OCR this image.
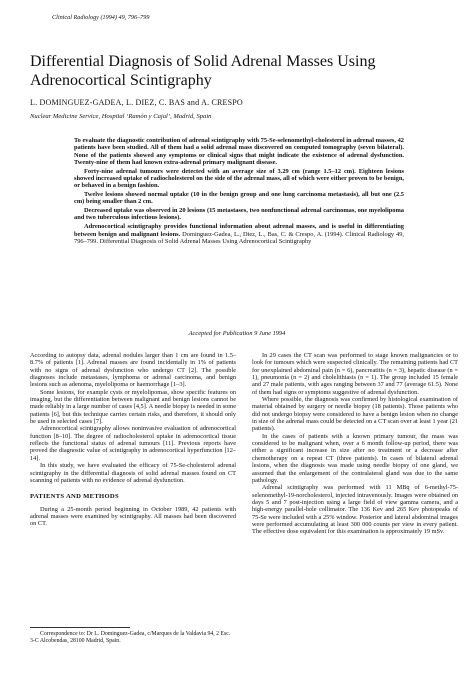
Clinical Radiology (1994) 49, 796–799
Differential Diagnosis of Solid Adrenal Masses Using Adrenocortical Scintigraphy
L. DOMINGUEZ-GADEA, L. DIEZ, C. BAS and A. CRESPO
Nuclear Medicine Service, Hospital ‘Ramón y Cajal’, Madrid, Spain

To evaluate the diagnostic contribution of adrenal scintigraphy with 75-Se-selenomethyl-cholesterol in adrenal masses, 42 patients have been studied. All of them had a solid adrenal mass discovered on computed tomography (seven bilateral). None of the patients showed any symptoms or clinical signs that might indicate the existence of adrenal dysfunction. Twenty-nine of them had known extra-adrenal primary malignant disease.

Forty-nine adrenal tumours were detected with an average size of 3.29 cm (range 1.5–12 cm). Eighteen lesions showed increased uptake of radiocholesterol on the side of the adrenal mass, all of which were either proven to be benign, or behaved in a benign fashion.

Twelve lesions showed normal uptake (10 in the benign group and one lung carcinoma metastasis), all but one (2.5 cm) being smaller than 2 cm.

Decreased uptake was observed in 20 lesions (15 metastases, two nonfunctional adrenal carcinomas, one myelolipoma and two tuberculous infectious lesions).

Adrenocortical scintigraphy provides functional information about adrenal masses, and is useful in differentiating between benign and malignant lesions. Dominguez-Gadea, L., Diez, L., Bas, C. & Crespo, A. (1994). Clinical Radiology 49, 796–799. Differential Diagnosis of Solid Adrenal Masses Using Adrenocortical Scintigraphy

Accepted for Publication 9 June 1994

According to autopsy data, adrenal nodules larger than 1 cm are found in 1.5–8.7% of patients [1]. Adrenal masses are found incidentally in 1% of patients with no signs of adrenal dysfunction who undergo CT [2]. The possible diagnoses include metastases, lymphoma or adrenal carcinoma, and benign lesions such as adenoma, myelolipoma or haemorrhage [1–3].

Some lesions, for example cysts or myelolipomas, show specific features on imaging, but the differentiation between malignant and benign lesions cannot be made reliably in a large number of cases [4,5]. A needle biopsy is needed in some patients [6], but this technique carries certain risks, and therefore, it should only be used in selected cases [7].

Adrenocortical scintigraphy allows noninvasive evaluation of adrenocortical function [8–10]. The degree of radiocholesterol uptake in adrenocortical tissue reflects the functional status of adrenal tumours [11]. Previous reports have proved the diagnostic value of scintigraphy in adrenocortical hyperfunction [12–14].

In this study, we have evaluated the efficacy of 75-Se-cholesterol adrenal scintigraphy in the differential diagnosis of solid adrenal masses found on CT scanning of patients with no evidence of adrenal dysfunction.

PATIENTS AND METHODS

During a 25-month period beginning in October 1989, 42 patients with adrenal masses were examined by scintigraphy. All masses had been discovered on CT.

Correspondence to: Dr L. Dominguez-Gadea, c/Marques de la Valdavia 94, 2 Esc. 3-C Alcobendas, 28100 Madrid, Spain.

In 29 cases the CT scan was performed to stage known malignancies or to look for tumours which were suspected clinically. The remaining patients had CT for unexplained abdominal pain (n = 6), pancreatitis (n = 3), hepatic disease (n = 1), pneumonia (n = 2) and cholelithiasis (n = 1). The group included 15 female and 27 male patients, with ages ranging between 37 and 77 (average 61.5). None of them had signs or symptoms suggestive of adrenal dysfunction.

Where possible, the diagnosis was confirmed by histological examination of material obtained by surgery or needle biopsy (18 patients). Those patients who did not undergo biopsy were considered to have a benign lesion when no change in size of the adrenal mass could be detected on a CT scan over at least 1 year (21 patients).

In the cases of patients with a known primary tumour, the mass was considered to be malignant when, over a 6 month follow-up period, there was either a significant increase in size after no treatment or a decrease after chemotherapy on a repeat CT (three patients). In cases of bilateral adrenal lesions, when the diagnosis was made using needle biopsy of one gland, we assumed that the enlargement of the contralateral gland was due to the same pathology.

Adrenal scintigraphy was performed with 11 MBq of 6-methyl-75-selenomethyl-19-norcholesterol, injected intravenously. Images were obtained on days 5 and 7 post-injection using a large field of view gamma camera, and a high-energy parallel-hole collimator. The 136 Kev and 265 Kev photopeaks of 75-Se were included with a 25% window. Posterior and lateral abdominal images were performed accumulating at least 300 000 counts per view in every patient. The effective dose equivalent for this examination is approximately 19 mSv.
